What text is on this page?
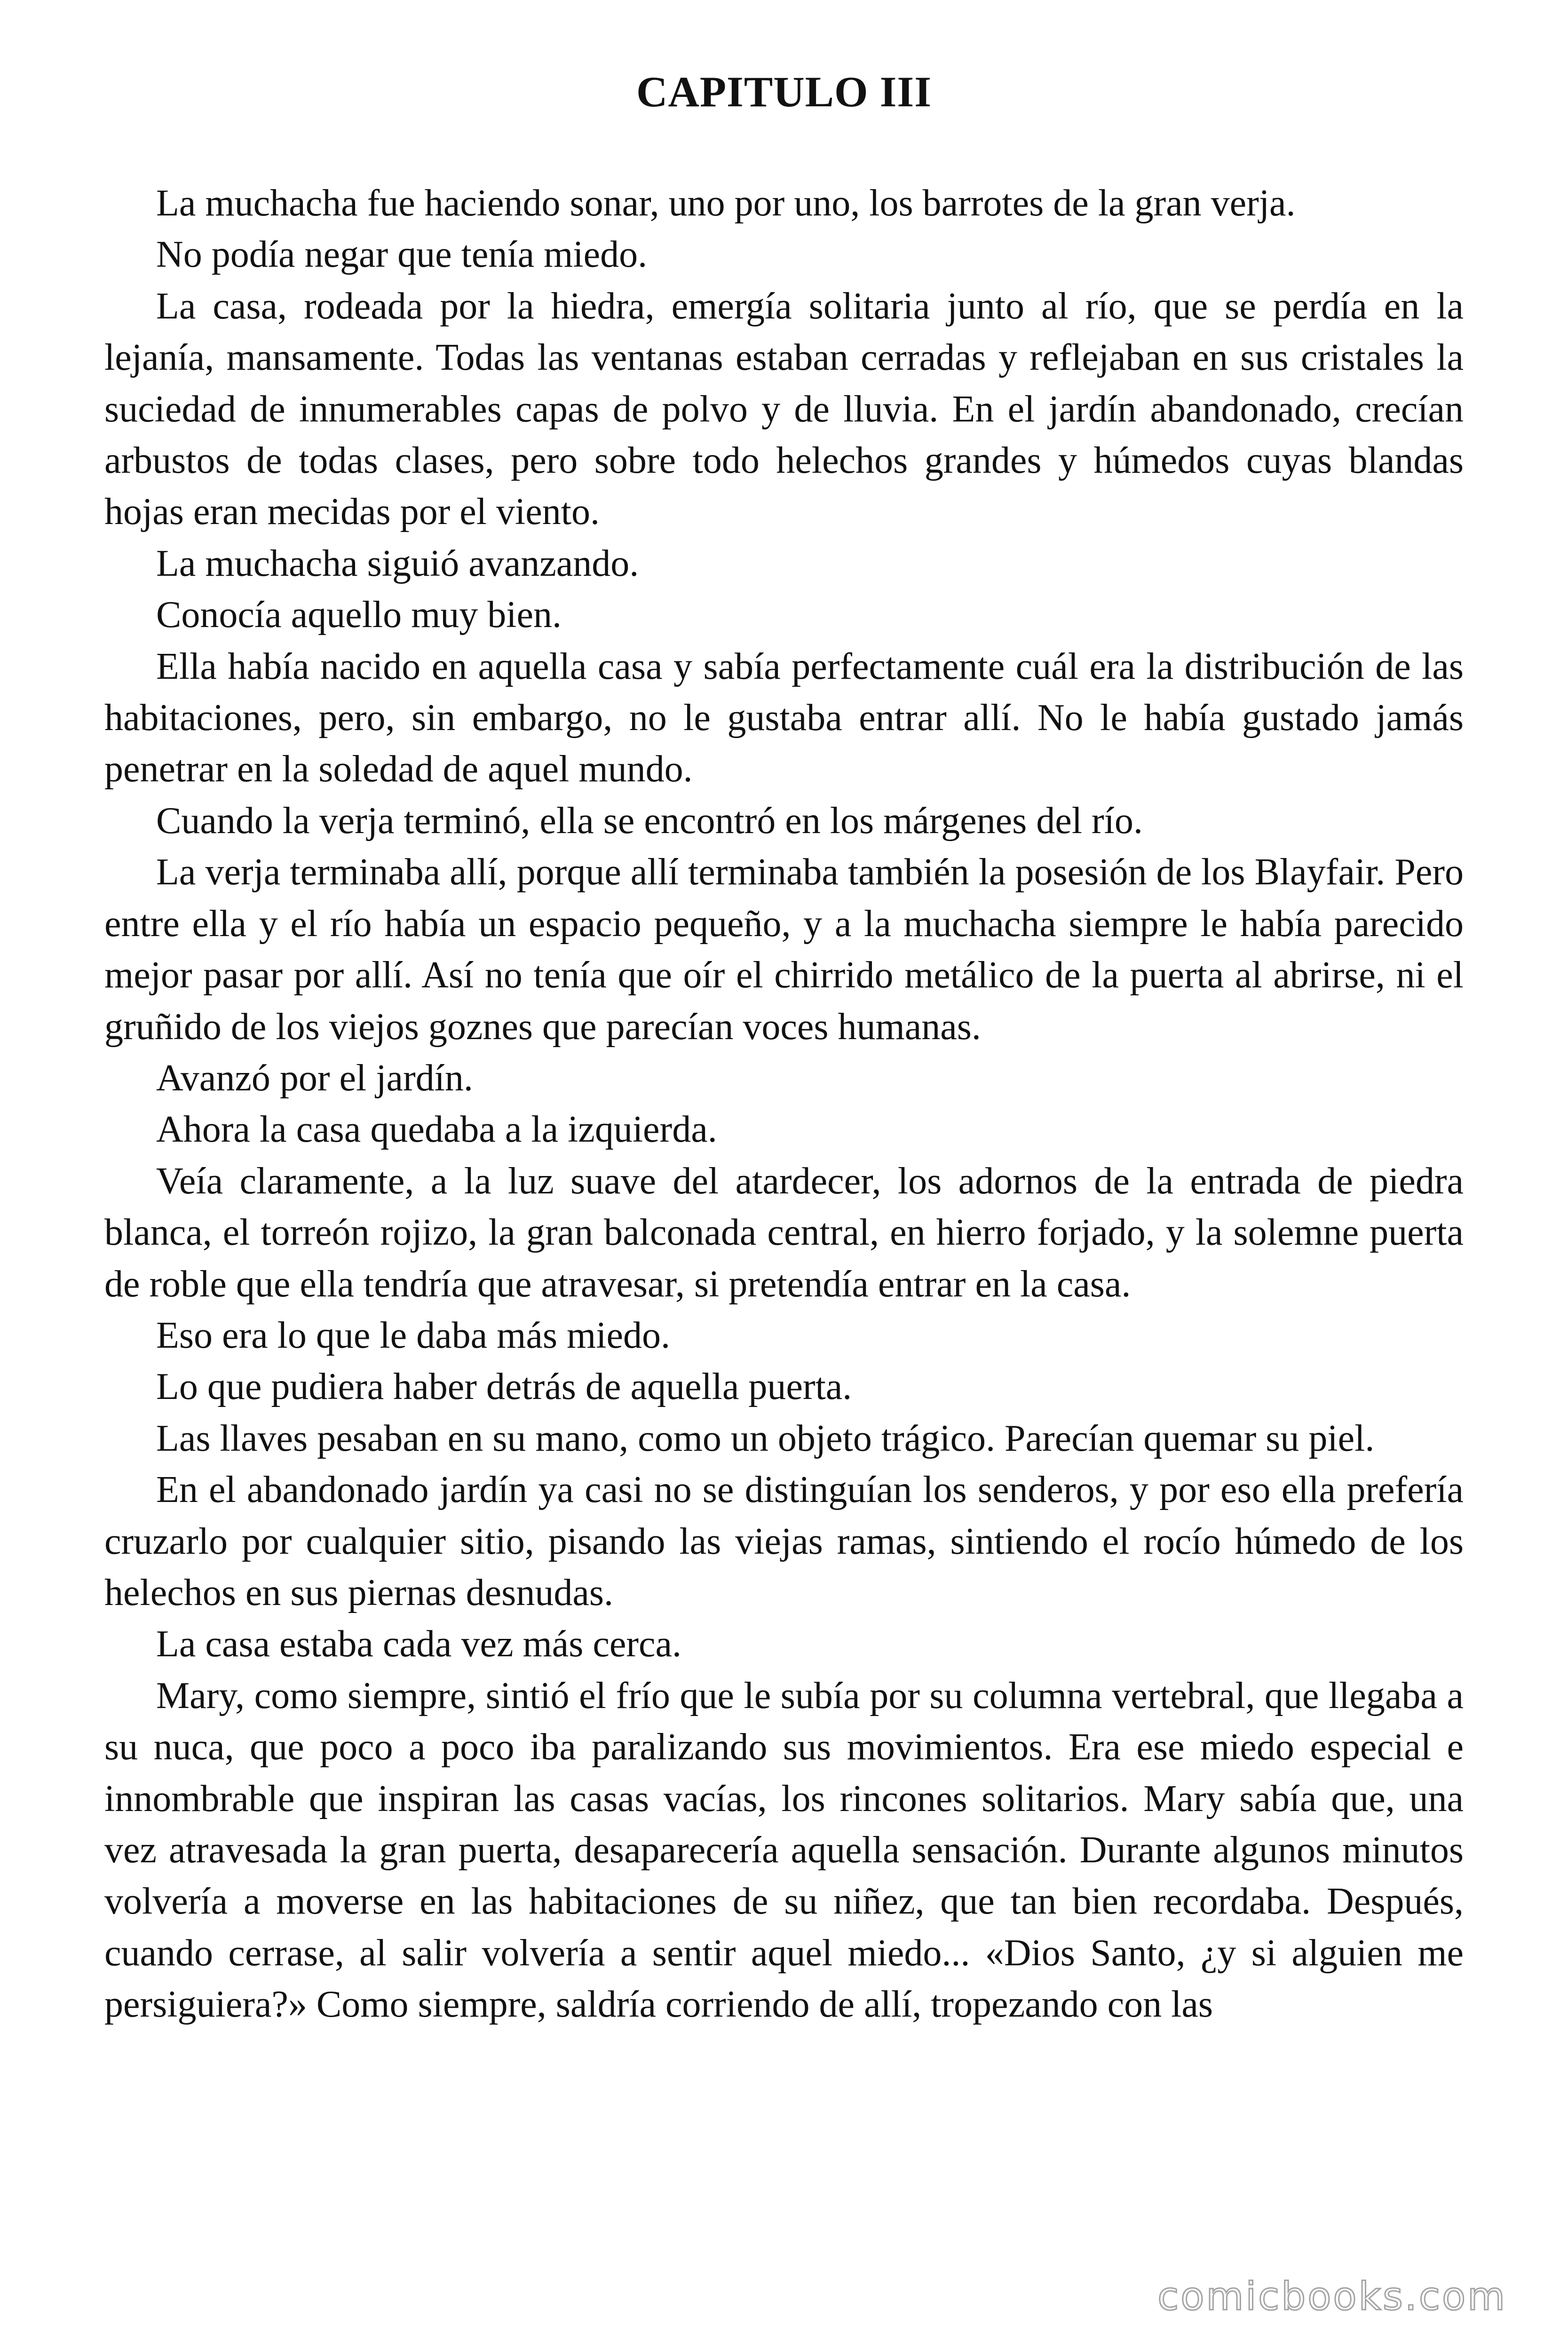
CAPITULO III

La muchacha fue haciendo sonar, uno por uno, los barrotes de la gran verja.

No podía negar que tenía miedo.

La casa, rodeada por la hiedra, emergía solitaria junto al río, que se perdía en la lejanía, mansamente. Todas las ventanas estaban cerradas y reflejaban en sus cristales la suciedad de innumerables capas de polvo y de lluvia. En el jardín abandonado, crecían arbustos de todas clases, pero sobre todo helechos grandes y húmedos cuyas blandas hojas eran mecidas por el viento.

La muchacha siguió avanzando.

Conocía aquello muy bien.

Ella había nacido en aquella casa y sabía perfectamente cuál era la distribución de las habitaciones, pero, sin embargo, no le gustaba entrar allí. No le había gustado jamás penetrar en la soledad de aquel mundo.

Cuando la verja terminó, ella se encontró en los márgenes del río.

La verja terminaba allí, porque allí terminaba también la posesión de los Blayfair. Pero entre ella y el río había un espacio pequeño, y a la muchacha siempre le había parecido mejor pasar por allí. Así no tenía que oír el chirrido metálico de la puerta al abrirse, ni el gruñido de los viejos goznes que parecían voces humanas.

Avanzó por el jardín.

Ahora la casa quedaba a la izquierda.

Veía claramente, a la luz suave del atardecer, los adornos de la entrada de piedra blanca, el torreón rojizo, la gran balconada central, en hierro forjado, y la solemne puerta de roble que ella tendría que atravesar, si pretendía entrar en la casa.

Eso era lo que le daba más miedo.

Lo que pudiera haber detrás de aquella puerta.

Las llaves pesaban en su mano, como un objeto trágico. Parecían quemar su piel.

En el abandonado jardín ya casi no se distinguían los senderos, y por eso ella prefería cruzarlo por cualquier sitio, pisando las viejas ramas, sintiendo el rocío húmedo de los helechos en sus piernas desnudas.

La casa estaba cada vez más cerca.

Mary, como siempre, sintió el frío que le subía por su columna vertebral, que llegaba a su nuca, que poco a poco iba paralizando sus movimientos. Era ese miedo especial e innombrable que inspiran las casas vacías, los rincones solitarios. Mary sabía que, una vez atravesada la gran puerta, desaparecería aquella sensación. Durante algunos minutos volvería a moverse en las habitaciones de su niñez, que tan bien recordaba. Después, cuando cerrase, al salir volvería a sentir aquel miedo... «Dios Santo, ¿y si alguien me persiguiera?» Como siempre, saldría corriendo de allí, tropezando con las

comicbooks.com
